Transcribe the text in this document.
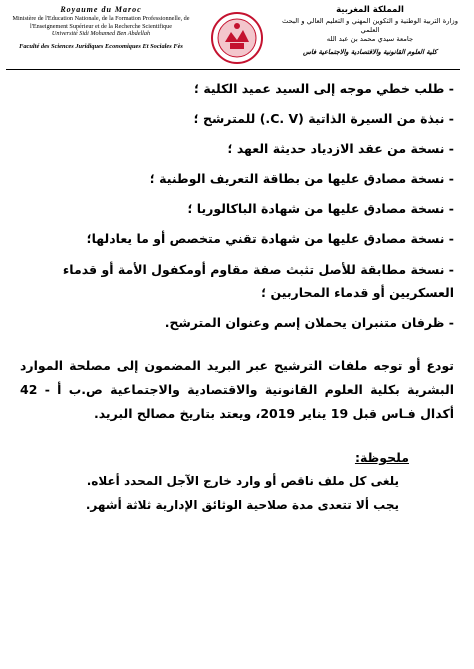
Royaume du Maroc
Ministère de l'Education Nationale, de la Formation Professionnelle, de l'Enseignement Supérieur et de la Recherche Scientifique
Université Sidi Mohamed Ben Abdellah
Faculté des Sciences Juridiques Economiques Et Sociales Fès
المملكة المغربية
وزارة التربية الوطنية و التكوين المهني و التعليم العالي و البحث العلمي
جامعة سيدي محمد بن عبد الله
كلية العلوم القانونية والاقتصادية والاجتماعية فاس
- طلب خطي موجه إلى السيد عميد الكلية ؛
- نبذة من السيرة الذاتية (C. V.) للمترشح ؛
- نسخة من عقد الازدياد حديثة العهد ؛
- نسخة مصادق عليها من بطاقة التعريف الوطنية ؛
- نسخة مصادق عليها من شهادة الباكالوريا ؛
- نسخة مصادق عليها من شهادة تقني متخصص أو ما يعادلها؛
- نسخة مطابقة للأصل تثبث صفة مقاوم أومكفول الأمة أو قدماء العسكريين أو قدماء المحاربين ؛
- ظرفان متنبران يحملان إسم وعنوان المترشح.
تودع أو توجه ملفات الترشيح عبر البريد المضمون إلى مصلحة الموارد البشرية بكلية العلوم القانونية والاقتصادية والاجتماعية ص.ب أ - 42 أكدال فـاس قبل 19 يناير 2019، ويعتد بتاريخ مصالح البريد.
ملحوظة:
يلغى كل ملف ناقص أو وارد خارج الآجل المحدد أعلاه.
يجب ألا تتعدى مدة صلاحية الوثائق الإدارية ثلاثة أشهر.
